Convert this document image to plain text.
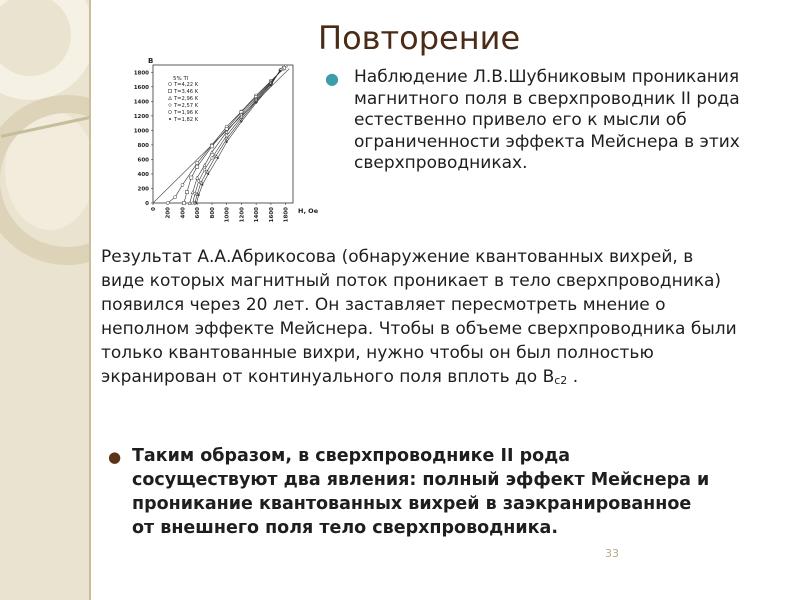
Повторение
B
H, Oe
5% Tl
0 200 400 600 800 1000 1200 1400 1600 1800
0
200
400
600
800
1000
1200
1400
1600
1800
T=4,22 K
T=3,46 K
T=2,96 K
T=2,57 K
T=1,96 K
T=1,82 K
● Наблюдение Л.В.Шубниковым проникания
магнитного поля в сверхпроводник II рода естественно привело его к мысли об ограниченности эффекта Мейснера в этих сверхпроводниках.
Результат А.А.Абрикосова (обнаружение квантованных вихрей, в виде которых магнитный поток проникает в тело сверхпроводника) появился через 20 лет. Он заставляет пересмотреть мнение о неполном эффекте Мейснера. Чтобы в объеме сверхпроводника были только квантованные вихри, нужно чтобы он был полностью экранирован от континуального поля вплоть до Bc2 .
● Таким образом, в сверхпроводнике II рода сосуществуют два явления: полный эффект Мейснера и проникание квантованных вихрей в заэкранированное от внешнего поля тело сверхпроводника.
33
